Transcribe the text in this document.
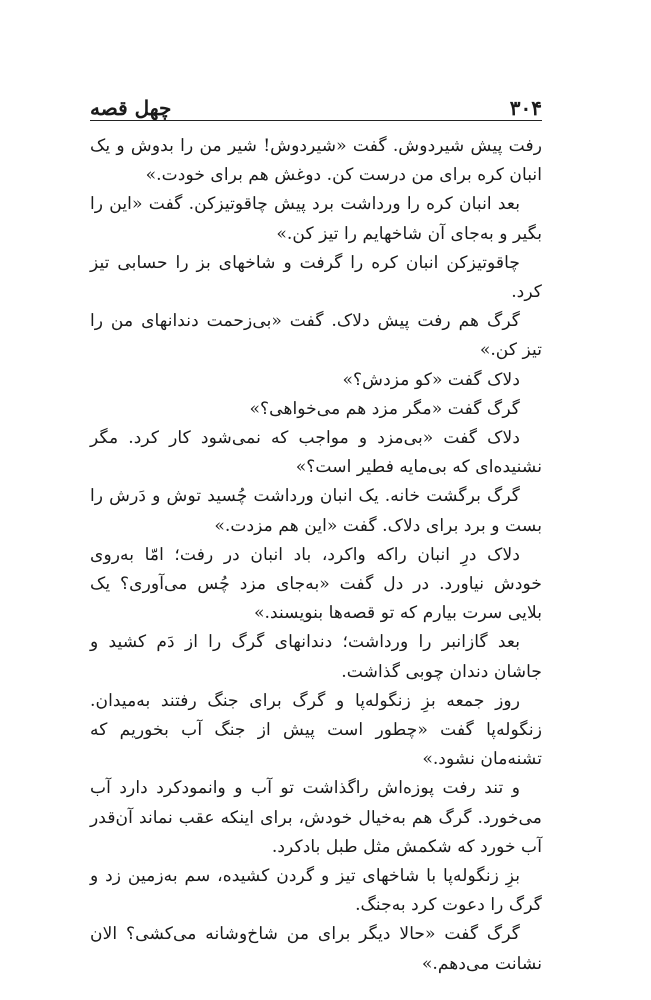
۳۰۴
چهل قصه

رفت پیش شیردوش. گفت «شیردوش! شیر من را بدوش و یک انبان کره برای من درست کن. دوغش هم برای خودت.»

بعد انبان کره را ورداشت برد پیش چاقوتیزکن. گفت «این را بگیر و به‌جای آن شاخهایم را تیز کن.»

چاقوتیزکن انبان کره را گرفت و شاخهای بز را حسابی تیز کرد.

گرگ هم رفت پیش دلاک. گفت «بی‌زحمت دندانهای من را تیز کن.»

دلاک گفت «کو مزدش؟»

گرگ گفت «مگر مزد هم می‌خواهی؟»

دلاک گفت «بی‌مزد و مواجب که نمی‌شود کار کرد. مگر نشنیده‌ای که بی‌مایه فطیر است؟»

گرگ برگشت خانه. یک انبان ورداشت چُسید توش و دَرش را بست و برد برای دلاک. گفت «این هم مزدت.»

دلاک درِ انبان راکه واکرد، باد انبان در رفت؛ امّا به‌روی خودش نیاورد. در دل گفت «به‌جای مزد چُس می‌آوری؟ یک بلایی سرت بیارم که تو قصه‌ها بنویسند.»

بعد گازانبر را ورداشت؛ دندانهای گرگ را از دَم کشید و جاشان دندان چوبی گذاشت.

روز جمعه بزِ زنگوله‌پا و گرگ برای جنگ رفتند به‌میدان. زنگوله‌پا گفت «چطور است پیش از جنگ آب بخوریم که تشنه‌مان نشود.»

و تند رفت پوزه‌اش راگذاشت تو آب و وانمودکرد دارد آب می‌خورد. گرگ هم به‌خیال خودش، برای اینکه عقب نماند آن‌قدر آب خورد که شکمش مثل طبل بادکرد.

بزِ زنگوله‌پا با شاخهای تیز و گردن کشیده، سم به‌زمین زد و گرگ را دعوت کرد به‌جنگ.

گرگ گفت «حالا دیگر برای من شاخ‌وشانه می‌کشی؟ الان نشانت می‌دهم.»
